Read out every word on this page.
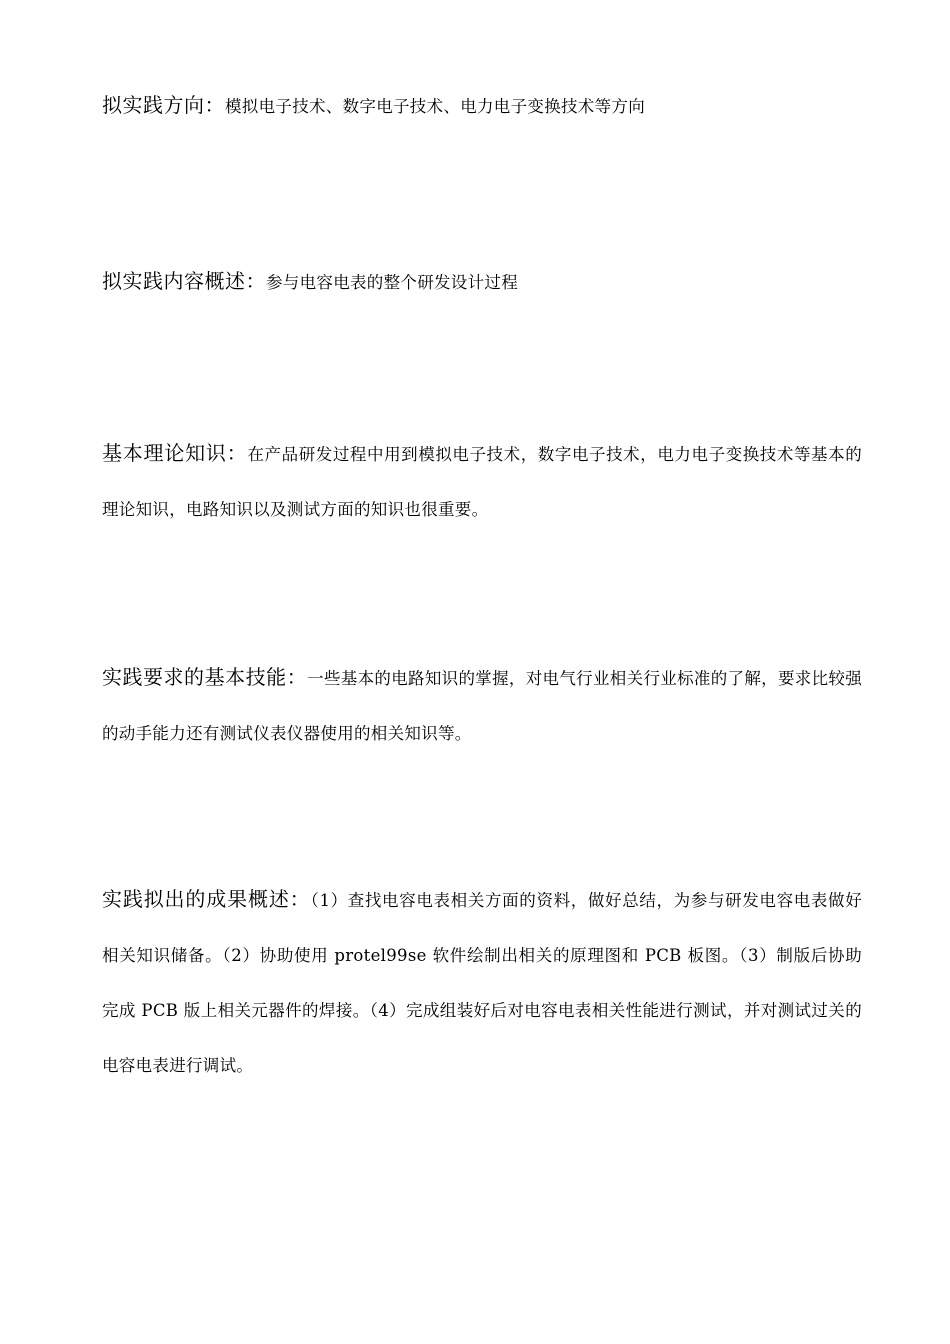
拟实践方向：模拟电子技术、数字电子技术、电力电子变换技术等方向

拟实践内容概述：参与电容电表的整个研发设计过程

基本理论知识：在产品研发过程中用到模拟电子技术，数字电子技术，电力电子变换技术等基本的理论知识，电路知识以及测试方面的知识也很重要。

实践要求的基本技能：一些基本的电路知识的掌握，对电气行业相关行业标准的了解，要求比较强的动手能力还有测试仪表仪器使用的相关知识等。

实践拟出的成果概述：（1）查找电容电表相关方面的资料，做好总结，为参与研发电容电表做好相关知识储备。（2）协助使用 protel99se 软件绘制出相关的原理图和 PCB 板图。（3）制版后协助完成 PCB 版上相关元器件的焊接。（4）完成组装好后对电容电表相关性能进行测试，并对测试过关的电容电表进行调试。
